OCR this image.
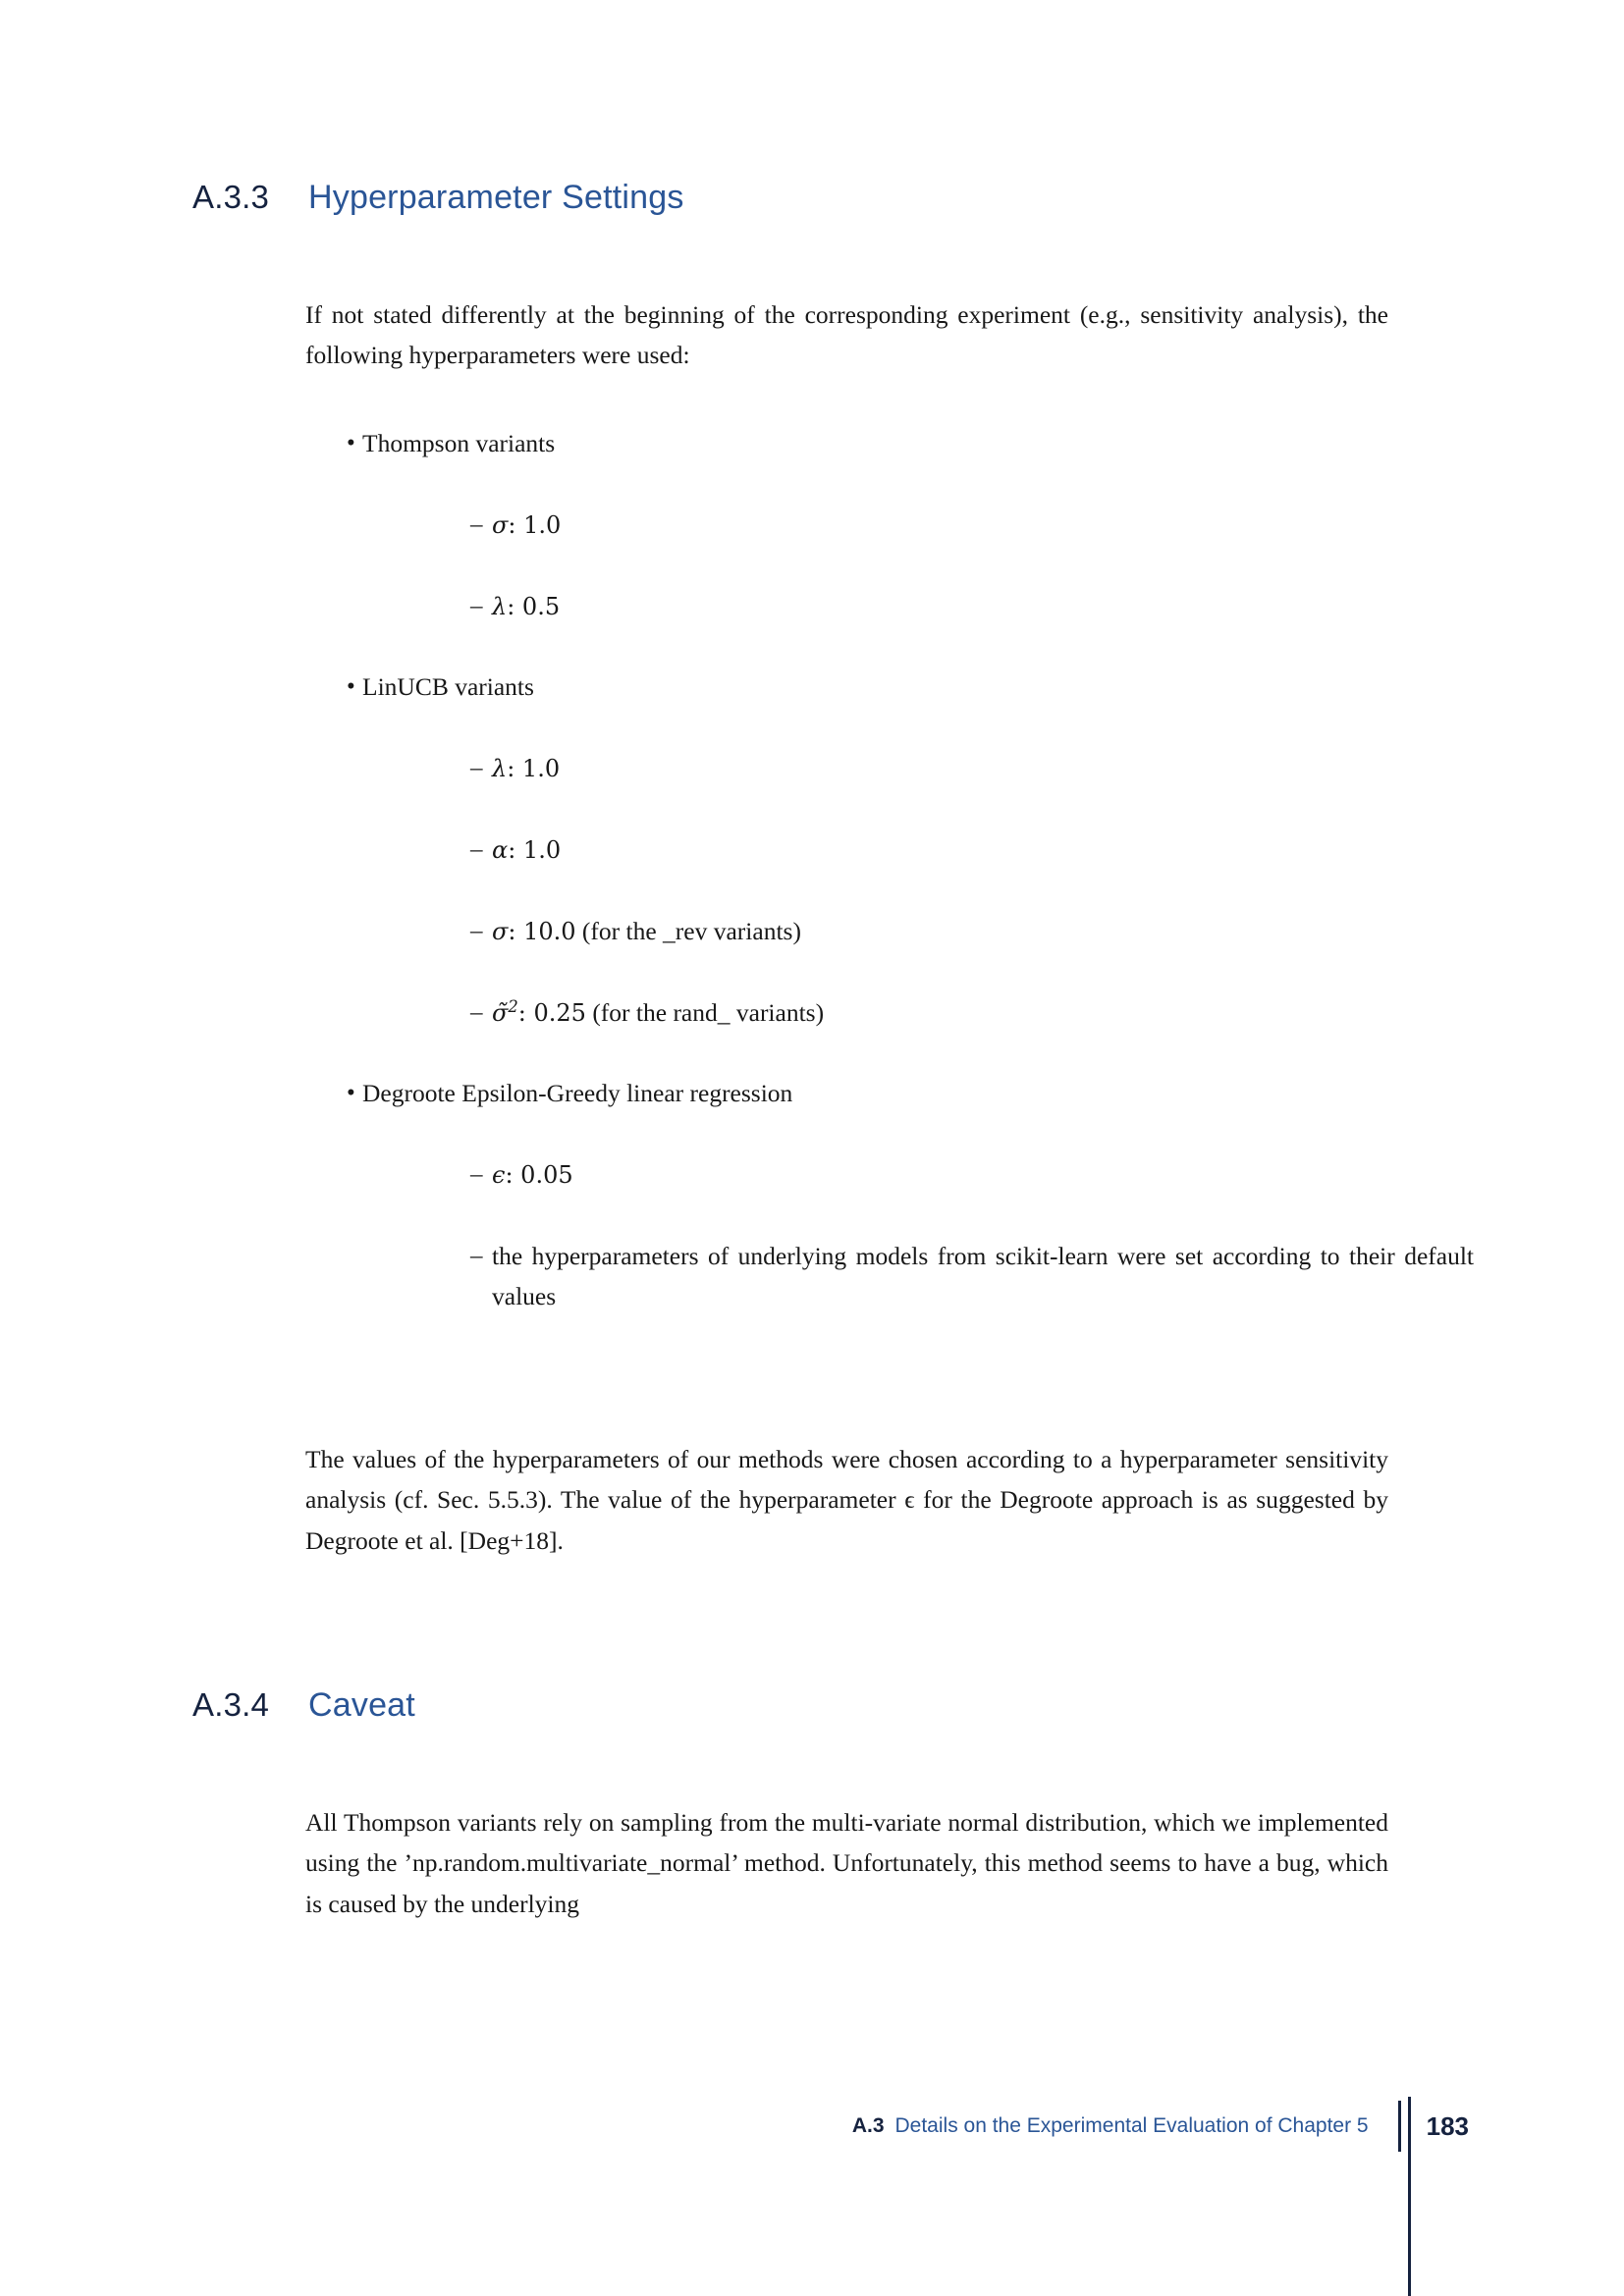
A.3.3	Hyperparameter Settings
If not stated differently at the beginning of the corresponding experiment (e.g., sensitivity analysis), the following hyperparameters were used:
• Thompson variants
– σ: 1.0
– λ: 0.5
• LinUCB variants
– λ: 1.0
– α: 1.0
– σ: 10.0 (for the _rev variants)
– σ̃$^2$: 0.25 (for the rand_ variants)
• Degroote Epsilon-Greedy linear regression
– ϵ: 0.05
– the hyperparameters of underlying models from scikit-learn were set according to their default values
The values of the hyperparameters of our methods were chosen according to a hyperparameter sensitivity analysis (cf. Sec. 5.5.3). The value of the hyperparameter ϵ for the Degroote approach is as suggested by Degroote et al. [Deg+18].
A.3.4	Caveat
All Thompson variants rely on sampling from the multi-variate normal distribution, which we implemented using the ’np.random.multivariate_normal’ method. Unfortunately, this method seems to have a bug, which is caused by the underlying
A.3 Details on the Experimental Evaluation of Chapter 5 183
